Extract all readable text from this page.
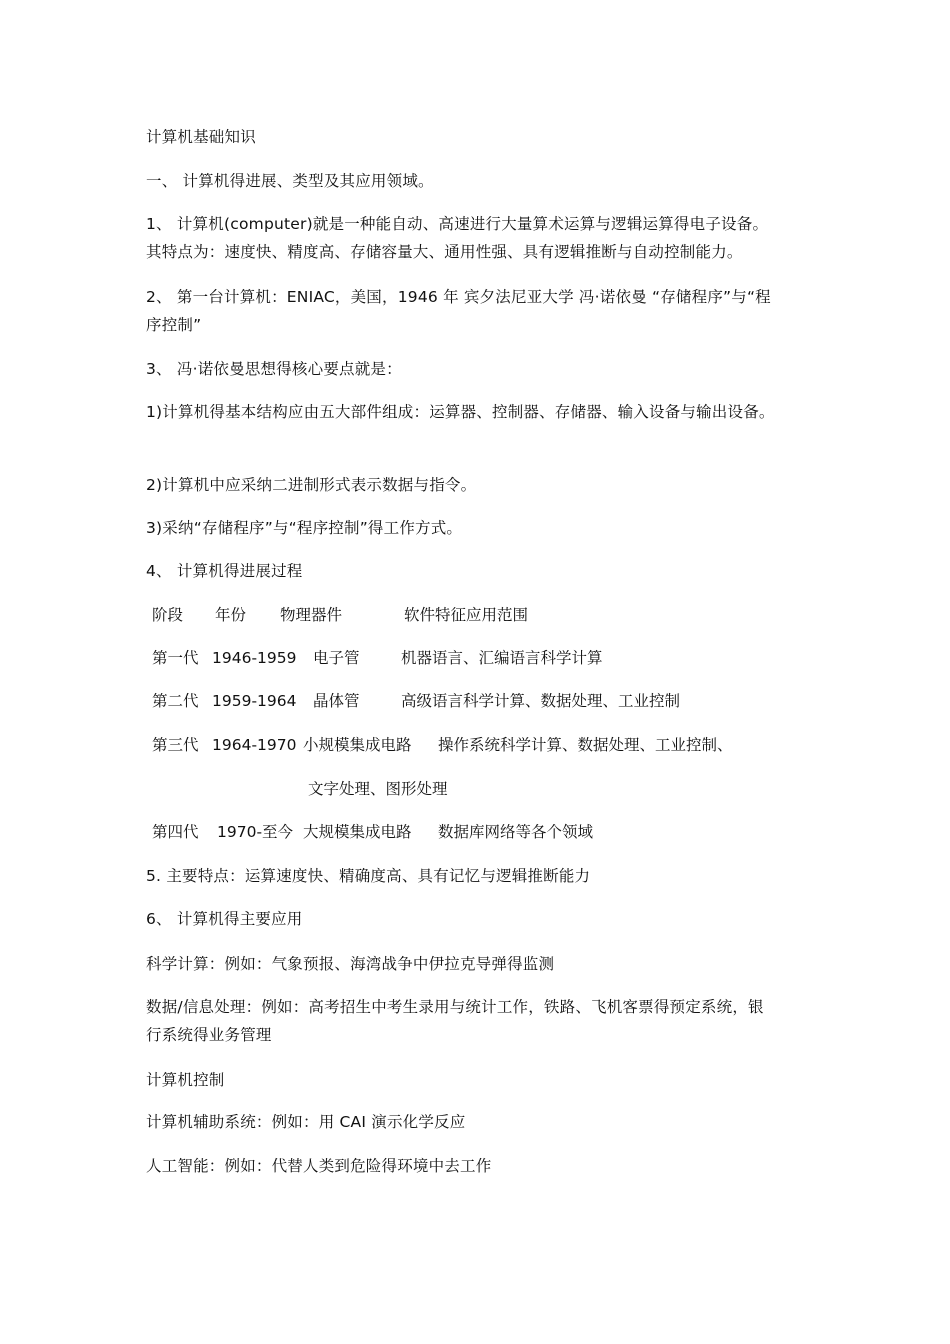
计算机基础知识
一、 计算机得进展、类型及其应用领域。
1、 计算机(computer)就是一种能自动、高速进行大量算术运算与逻辑运算得电子设备。
其特点为：速度快、精度高、存储容量大、通用性强、具有逻辑推断与自动控制能力。
2、 第一台计算机：ENIAC，美国，1946 年 宾夕法尼亚大学 冯·诺依曼 “存储程序”与“程
序控制”
3、 冯·诺依曼思想得核心要点就是：
1)计算机得基本结构应由五大部件组成：运算器、控制器、存储器、输入设备与输出设备。
2)计算机中应采纳二进制形式表示数据与指令。
3)采纳“存储程序”与“程序控制”得工作方式。
4、 计算机得进展过程
阶段 年份 物理器件	软件特征应用范围
第一代 1946-1959 电子管	机器语言、汇编语言科学计算
第二代 1959-1964 晶体管	高级语言科学计算、数据处理、工业控制
第三代 1964-1970 小规模集成电路 操作系统科学计算、数据处理、工业控制、
文字处理、图形处理
第四代 1970-至今 大规模集成电路 数据库网络等各个领域
5. 主要特点：运算速度快、精确度高、具有记忆与逻辑推断能力
6、 计算机得主要应用
科学计算：例如：气象预报、海湾战争中伊拉克导弹得监测
数据/信息处理：例如：高考招生中考生录用与统计工作，铁路、飞机客票得预定系统，银
行系统得业务管理
计算机控制
计算机辅助系统：例如：用 CAI 演示化学反应
人工智能：例如：代替人类到危险得环境中去工作
